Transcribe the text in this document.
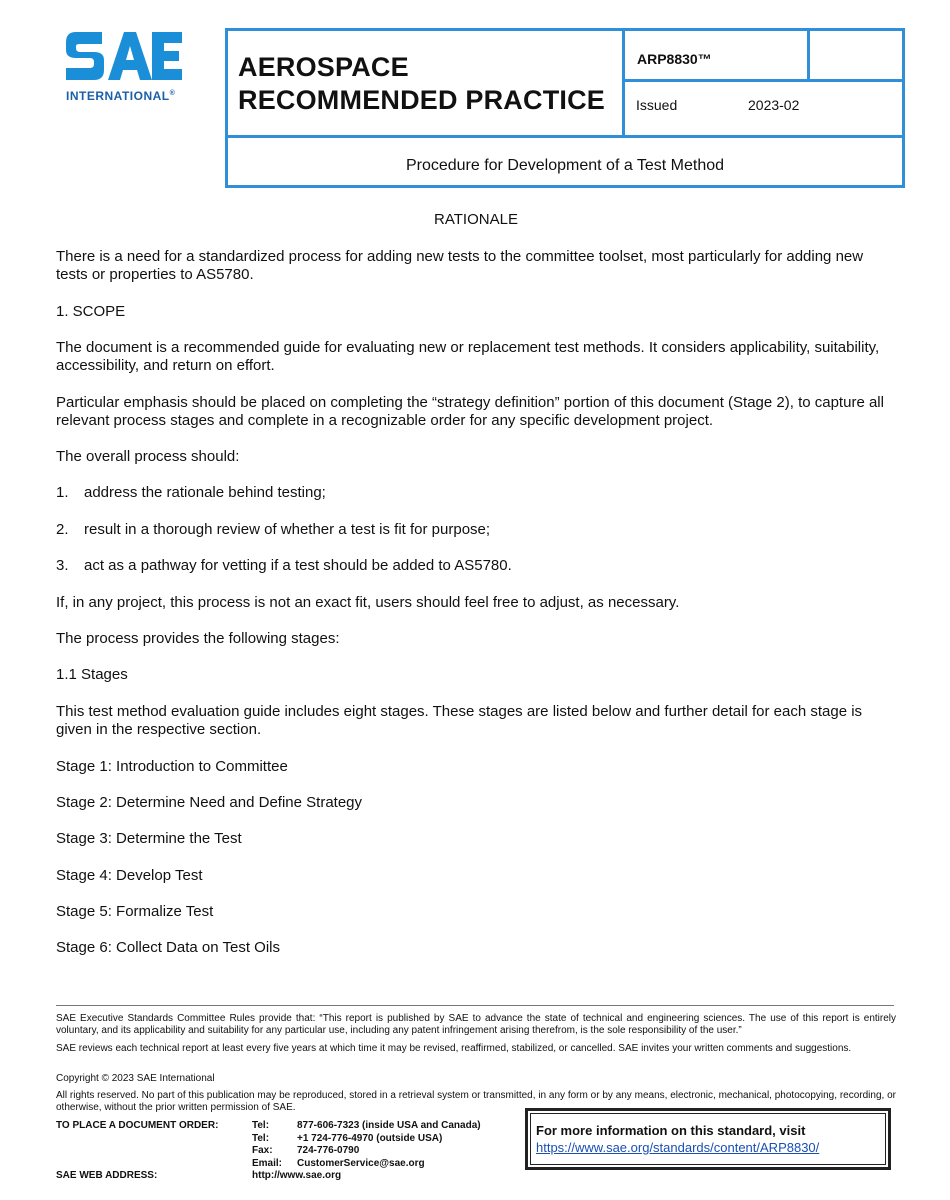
INTERNATIONAL®
AEROSPACE
RECOMMENDED PRACTICE
ARP8830™
Issued	2023-02
Procedure for Development of a Test Method
RATIONALE
There is a need for a standardized process for adding new tests to the committee toolset, most particularly for adding new tests or properties to AS5780.
1. SCOPE
The document is a recommended guide for evaluating new or replacement test methods. It considers applicability, suitability, accessibility, and return on effort.
Particular emphasis should be placed on completing the “strategy definition” portion of this document (Stage 2), to capture all relevant process stages and complete in a recognizable order for any specific development project.
The overall process should:
1. address the rationale behind testing;
2. result in a thorough review of whether a test is fit for purpose;
3. act as a pathway for vetting if a test should be added to AS5780.
If, in any project, this process is not an exact fit, users should feel free to adjust, as necessary.
The process provides the following stages:
1.1 Stages
This test method evaluation guide includes eight stages. These stages are listed below and further detail for each stage is given in the respective section.
Stage 1: Introduction to Committee
Stage 2: Determine Need and Define Strategy
Stage 3: Determine the Test
Stage 4: Develop Test
Stage 5: Formalize Test
Stage 6: Collect Data on Test Oils
SAE Executive Standards Committee Rules provide that: “This report is published by SAE to advance the state of technical and engineering sciences. The use of this report is entirely voluntary, and its applicability and suitability for any particular use, including any patent infringement arising therefrom, is the sole responsibility of the user.”
SAE reviews each technical report at least every five years at which time it may be revised, reaffirmed, stabilized, or cancelled. SAE invites your written comments and suggestions.
Copyright © 2023 SAE International
All rights reserved. No part of this publication may be reproduced, stored in a retrieval system or transmitted, in any form or by any means, electronic, mechanical, photocopying, recording, or otherwise, without the prior written permission of SAE.
TO PLACE A DOCUMENT ORDER:	Tel:	877-606-7323 (inside USA and Canada)
Tel:	+1 724-776-4970 (outside USA)
Fax: 724-776-0790
Email: CustomerService@sae.org
SAE WEB ADDRESS:	http://www.sae.org
For more information on this standard, visit
https://www.sae.org/standards/content/ARP8830/
